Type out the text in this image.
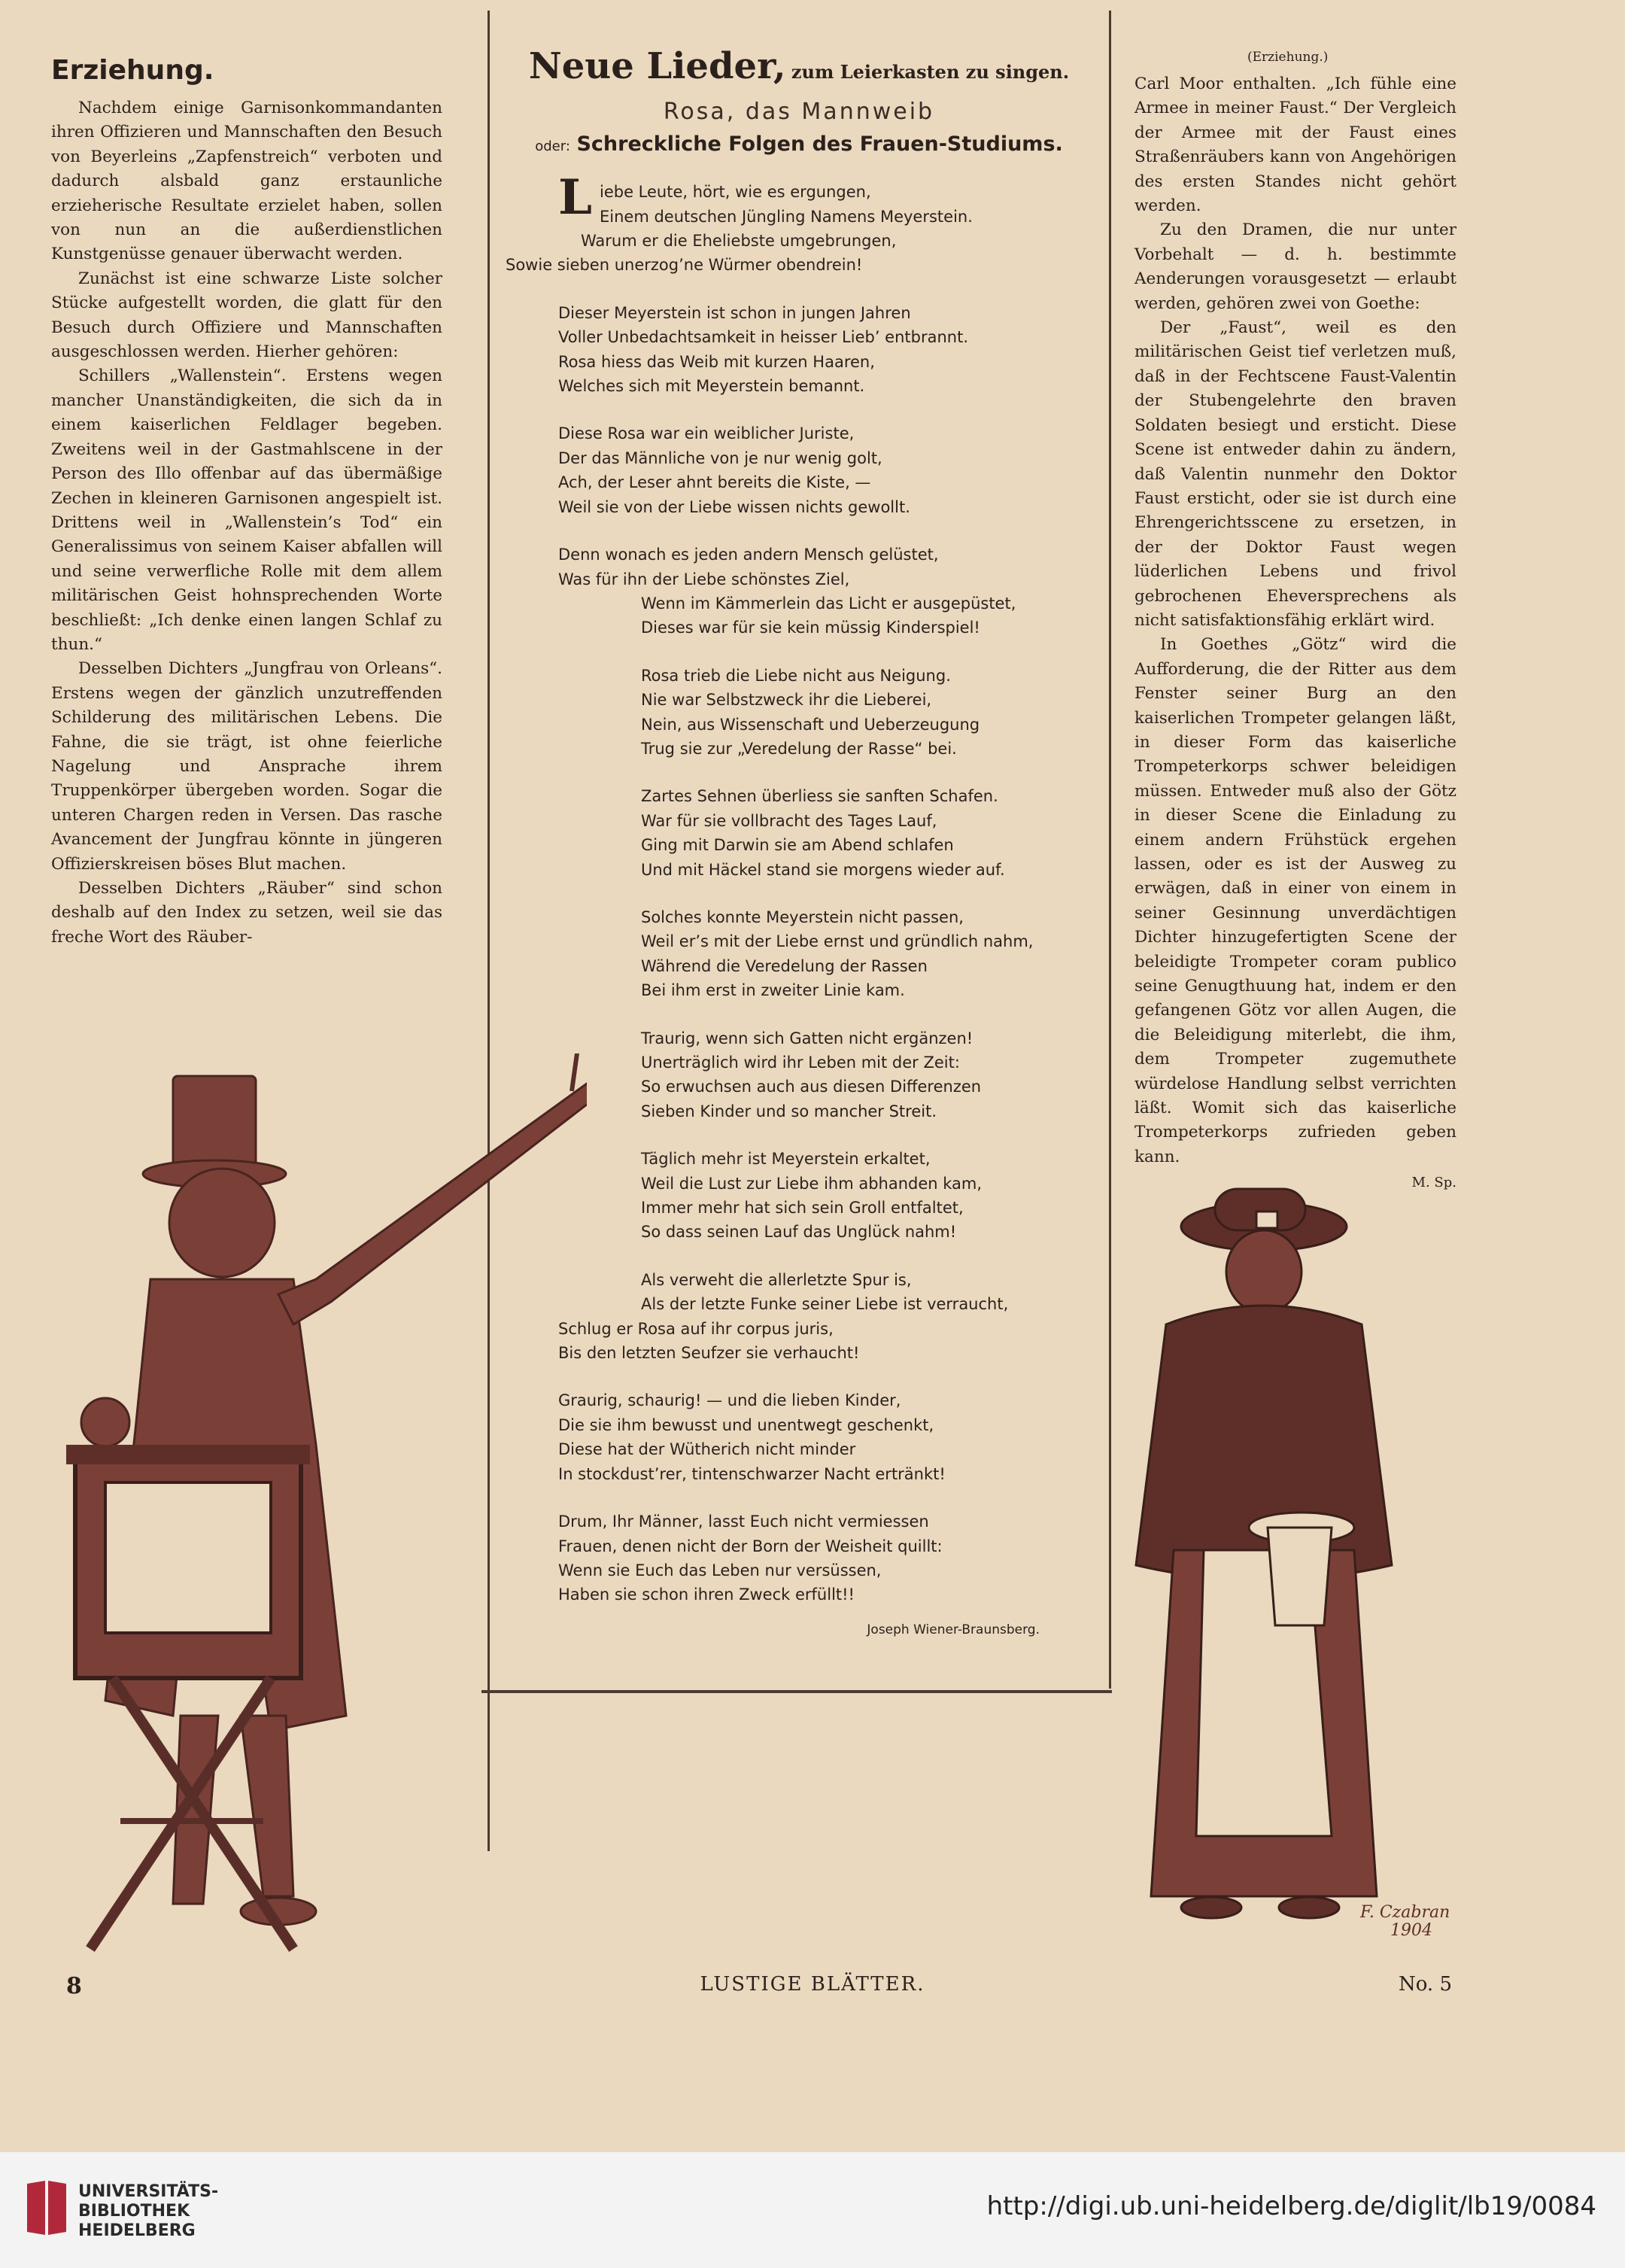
Erziehung.

Nachdem einige Garnisonkommandanten ihren Offizieren und Mannschaften den Besuch von Beyerleins „Zapfenstreich“ verboten und dadurch alsbald ganz erstaunliche erzieherische Resultate erzielet haben, sollen von nun an die außerdienstlichen Kunstgenüsse genauer überwacht werden.

Zunächst ist eine schwarze Liste solcher Stücke aufgestellt worden, die glatt für den Besuch durch Offiziere und Mannschaften ausgeschlossen werden. Hierher gehören:

Schillers „Wallenstein“. Erstens wegen mancher Unanständigkeiten, die sich da in einem kaiserlichen Feldlager begeben. Zweitens weil in der Gastmahlscene in der Person des Illo offenbar auf das übermäßige Zechen in kleineren Garnisonen angespielt ist. Drittens weil in „Wallenstein’s Tod“ ein Generalissimus von seinem Kaiser abfallen will und seine verwerfliche Rolle mit dem allem militärischen Geist hohnsprechenden Worte beschließt: „Ich denke einen langen Schlaf zu thun.“

Desselben Dichters „Jungfrau von Orleans“. Erstens wegen der gänzlich unzutreffenden Schilderung des militärischen Lebens. Die Fahne, die sie trägt, ist ohne feierliche Nagelung und Ansprache ihrem Truppenkörper übergeben worden. Sogar die unteren Chargen reden in Versen. Das rasche Avancement der Jungfrau könnte in jüngeren Offizierskreisen böses Blut machen.

Desselben Dichters „Räuber“ sind schon deshalb auf den Index zu setzen, weil sie das freche Wort des Räuber-

Neue Lieder, zum Leierkasten zu singen.
Rosa, das Mannweib
oder: Schreckliche Folgen des Frauen-Studiums.
L iebe Leute, hört, wie es ergungen,
Einem deutschen Jüngling Namens Meyerstein.
Warum er die Eheliebste umgebrungen,
Sowie sieben unerzog’ne Würmer obendrein!
Dieser Meyerstein ist schon in jungen Jahren
Voller Unbedachtsamkeit in heisser Lieb’ entbrannt.
Rosa hiess das Weib mit kurzen Haaren,
Welches sich mit Meyerstein bemannt.
Diese Rosa war ein weiblicher Juriste,
Der das Männliche von je nur wenig golt,
Ach, der Leser ahnt bereits die Kiste, —
Weil sie von der Liebe wissen nichts gewollt.
Denn wonach es jeden andern Mensch gelüstet,
Was für ihn der Liebe schönstes Ziel,
Wenn im Kämmerlein das Licht er ausgepüstet,
Dieses war für sie kein müssig Kinderspiel!
Rosa trieb die Liebe nicht aus Neigung.
Nie war Selbstzweck ihr die Lieberei,
Nein, aus Wissenschaft und Ueberzeugung
Trug sie zur „Veredelung der Rasse“ bei.
Zartes Sehnen überliess sie sanften Schafen.
War für sie vollbracht des Tages Lauf,
Ging mit Darwin sie am Abend schlafen
Und mit Häckel stand sie morgens wieder auf.
Solches konnte Meyerstein nicht passen,
Weil er’s mit der Liebe ernst und gründlich nahm,
Während die Veredelung der Rassen
Bei ihm erst in zweiter Linie kam.
Traurig, wenn sich Gatten nicht ergänzen!
Unerträglich wird ihr Leben mit der Zeit:
So erwuchsen auch aus diesen Differenzen
Sieben Kinder und so mancher Streit.
Täglich mehr ist Meyerstein erkaltet,
Weil die Lust zur Liebe ihm abhanden kam,
Immer mehr hat sich sein Groll entfaltet,
So dass seinen Lauf das Unglück nahm!
Als verweht die allerletzte Spur is,
Als der letzte Funke seiner Liebe ist verraucht,
Schlug er Rosa auf ihr corpus juris,
Bis den letzten Seufzer sie verhaucht!
Graurig, schaurig! — und die lieben Kinder,
Die sie ihm bewusst und unentwegt geschenkt,
Diese hat der Wütherich nicht minder
In stockdust’rer, tintenschwarzer Nacht ertränkt!
Drum, Ihr Männer, lasst Euch nicht vermiessen
Frauen, denen nicht der Born der Weisheit quillt:
Wenn sie Euch das Leben nur versüssen,
Haben sie schon ihren Zweck erfüllt!!
Joseph Wiener-Braunsberg.
(Erziehung.)

Carl Moor enthalten. „Ich fühle eine Armee in meiner Faust.“ Der Vergleich der Armee mit der Faust eines Straßenräubers kann von Angehörigen des ersten Standes nicht gehört werden.

Zu den Dramen, die nur unter Vorbehalt — d. h. bestimmte Aenderungen vorausgesetzt — erlaubt werden, gehören zwei von Goethe:

Der „Faust“, weil es den militärischen Geist tief verletzen muß, daß in der Fechtscene Faust-Valentin der Stubengelehrte den braven Soldaten besiegt und ersticht. Diese Scene ist entweder dahin zu ändern, daß Valentin nunmehr den Doktor Faust ersticht, oder sie ist durch eine Ehrengerichtsscene zu ersetzen, in der der Doktor Faust wegen lüderlichen Lebens und frivol gebrochenen Eheversprechens als nicht satisfaktionsfähig erklärt wird.

In Goethes „Götz“ wird die Aufforderung, die der Ritter aus dem Fenster seiner Burg an den kaiserlichen Trompeter gelangen läßt, in dieser Form das kaiserliche Trompeterkorps schwer beleidigen müssen. Entweder muß also der Götz in dieser Scene die Einladung zu einem andern Frühstück ergehen lassen, oder es ist der Ausweg zu erwägen, daß in einer von einem in seiner Gesinnung unverdächtigen Dichter hinzugefertigten Scene der beleidigte Trompeter coram publico seine Genugthuung hat, indem er den gefangenen Götz vor allen Augen, die die Beleidigung miterlebt, die ihm, dem Trompeter zugemuthete würdelose Handlung selbst verrichten läßt. Womit sich das kaiserliche Trompeterkorps zufrieden geben kann.

M. Sp.
F. Czabran
1904
8	LUSTIGE BLÄTTER.	No. 5
UNIVERSITÄTS-
BIBLIOTHEK
HEIDELBERG
http://digi.ub.uni-heidelberg.de/diglit/lb19/0084
